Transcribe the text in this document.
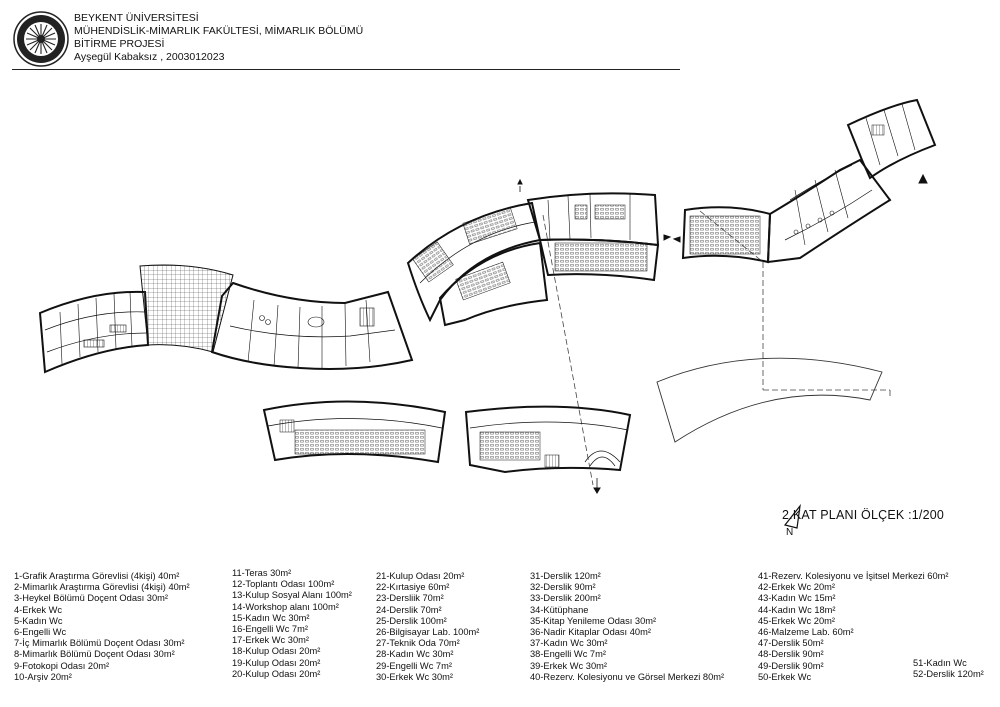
BEYKENT ÜNİVERSİTESİ
MÜHENDİSLİK-MİMARLIK FAKÜLTESİ, MİMARLIK BÖLÜMÜ
BİTİRME PROJESİ
Ayşegül Kabaksız , 2003012023
2.KAT PLANI ÖLÇEK :1/200
N
1-Grafik Araştırma Görevlisi (4kişi) 40m²
2-Mimarlık Araştırma Görevlisi (4kişi) 40m²
3-Heykel Bölümü Doçent Odası 30m²
4-Erkek Wc
5-Kadın Wc
6-Engelli Wc
7-İç Mimarlık Bölümü Doçent Odası 30m²
8-Mimarlık Bölümü Doçent Odası 30m²
9-Fotokopi Odası 20m²
10-Arşiv 20m²
11-Teras 30m²
12-Toplantı Odası 100m²
13-Kulup Sosyal Alanı 100m²
14-Workshop alanı 100m²
15-Kadın Wc 30m²
16-Engelli Wc 7m²
17-Erkek Wc 30m²
18-Kulup Odası 20m²
19-Kulup Odası 20m²
20-Kulup Odası 20m²
21-Kulup Odası 20m²
22-Kırtasiye 60m²
23-Dersliik 70m²
24-Derslik 70m²
25-Derslik 100m²
26-Bilgisayar Lab. 100m²
27-Teknik Oda 70m²
28-Kadın Wc 30m²
29-Engelli Wc 7m²
30-Erkek Wc 30m²
31-Derslik 120m²
32-Derslik 90m²
33-Derslik 200m²
34-Kütüphane
35-Kitap Yenileme Odası 30m²
36-Nadir Kitaplar Odası 40m²
37-Kadın Wc 30m²
38-Engelli Wc 7m²
39-Erkek Wc 30m²
40-Rezerv. Kolesiyonu ve Görsel Merkezi 80m²
41-Rezerv. Kolesiyonu ve İşitsel Merkezi 60m²
42-Erkek Wc 20m²
43-Kadın Wc 15m²
44-Kadın Wc 18m²
45-Erkek Wc 20m²
46-Malzeme Lab. 60m²
47-Derslik 50m²
48-Derslik 90m²
49-Derslik 90m²
50-Erkek Wc
51-Kadın Wc
52-Derslik 120m²
